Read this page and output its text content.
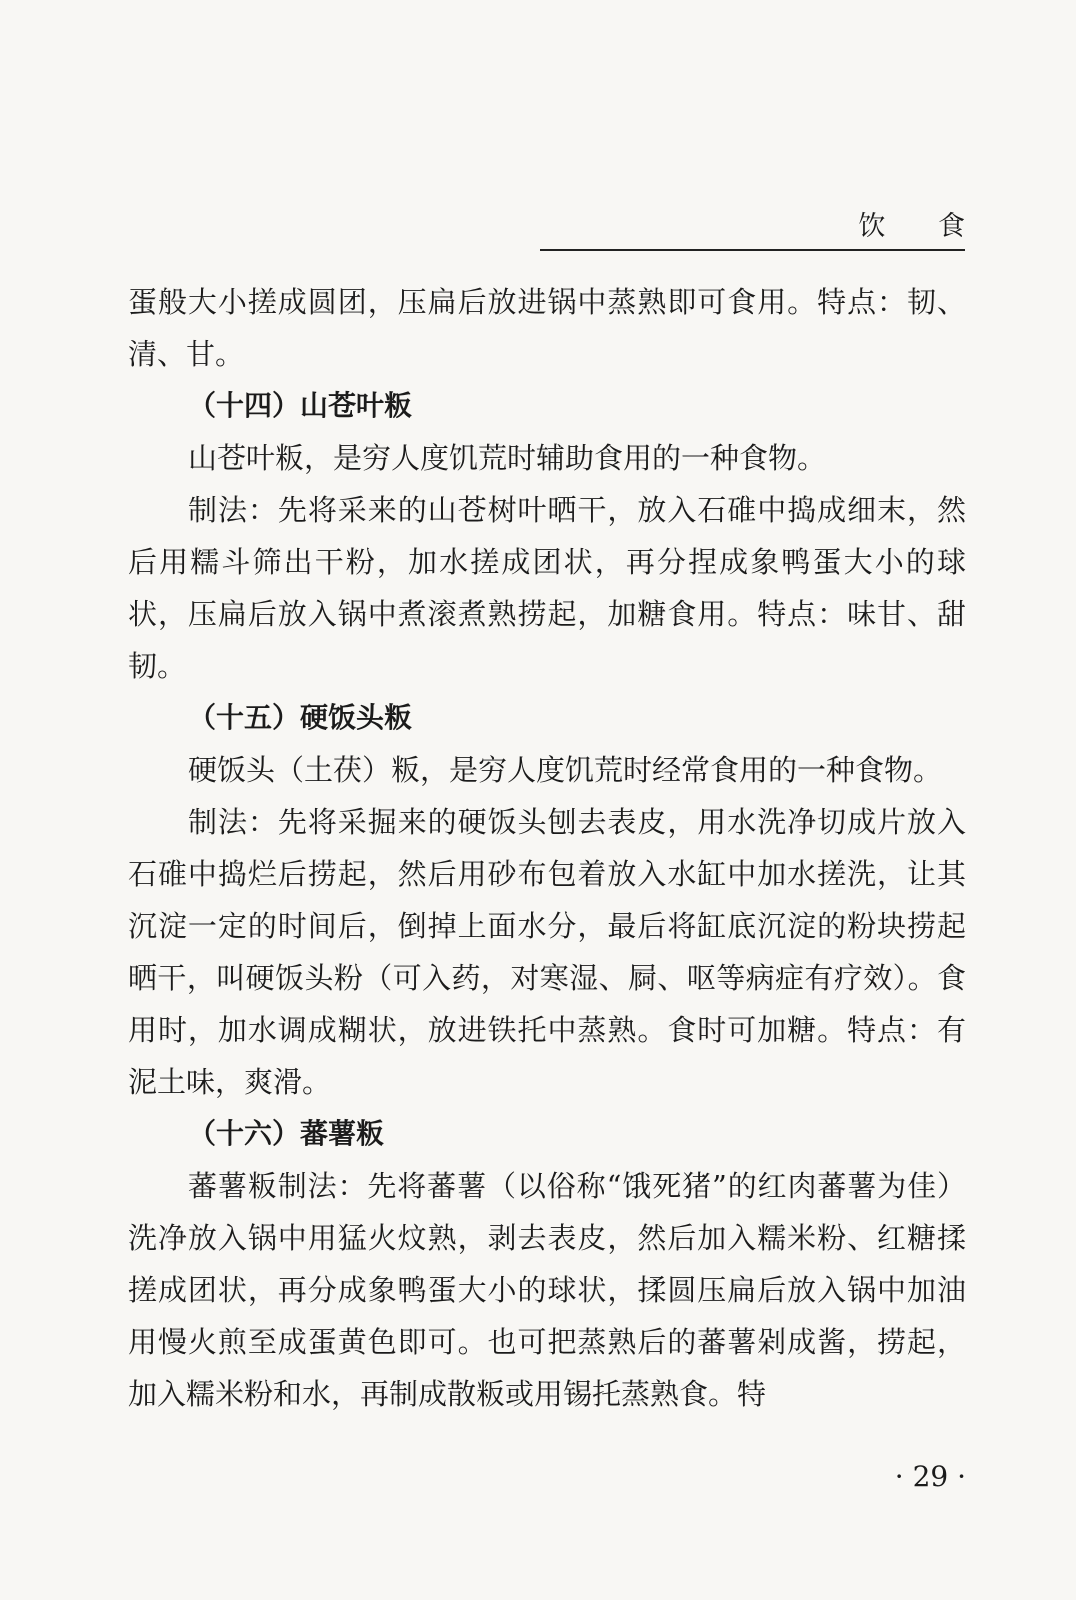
饮 食

蛋般大小搓成圆团，压扁后放进锅中蒸熟即可食用。特点：韧、清、甘。

（十四）山苍叶粄

山苍叶粄，是穷人度饥荒时辅助食用的一种食物。

制法：先将采来的山苍树叶晒干，放入石碓中捣成细末，然后用糯斗筛出干粉，加水搓成团状，再分捏成象鸭蛋大小的球状，压扁后放入锅中煮滚煮熟捞起，加糖食用。特点：味甘、甜韧。

（十五）硬饭头粄

硬饭头（土茯）粄，是穷人度饥荒时经常食用的一种食物。

制法：先将采掘来的硬饭头刨去表皮，用水洗净切成片放入石碓中捣烂后捞起，然后用砂布包着放入水缸中加水搓洗，让其沉淀一定的时间后，倒掉上面水分，最后将缸底沉淀的粉块捞起晒干，叫硬饭头粉（可入药，对寒湿、屙、呕等病症有疗效）。食用时，加水调成糊状，放进铁托中蒸熟。食时可加糖。特点：有泥土味，爽滑。

（十六）蕃薯粄

蕃薯粄制法：先将蕃薯（以俗称“饿死猪”的红肉蕃薯为佳）洗净放入锅中用猛火炆熟，剥去表皮，然后加入糯米粉、红糖揉搓成团状，再分成象鸭蛋大小的球状，揉圆压扁后放入锅中加油用慢火煎至成蛋黄色即可。也可把蒸熟后的蕃薯剁成酱，捞起，加入糯米粉和水，再制成散粄或用锡托蒸熟食。特

· 29 ·
